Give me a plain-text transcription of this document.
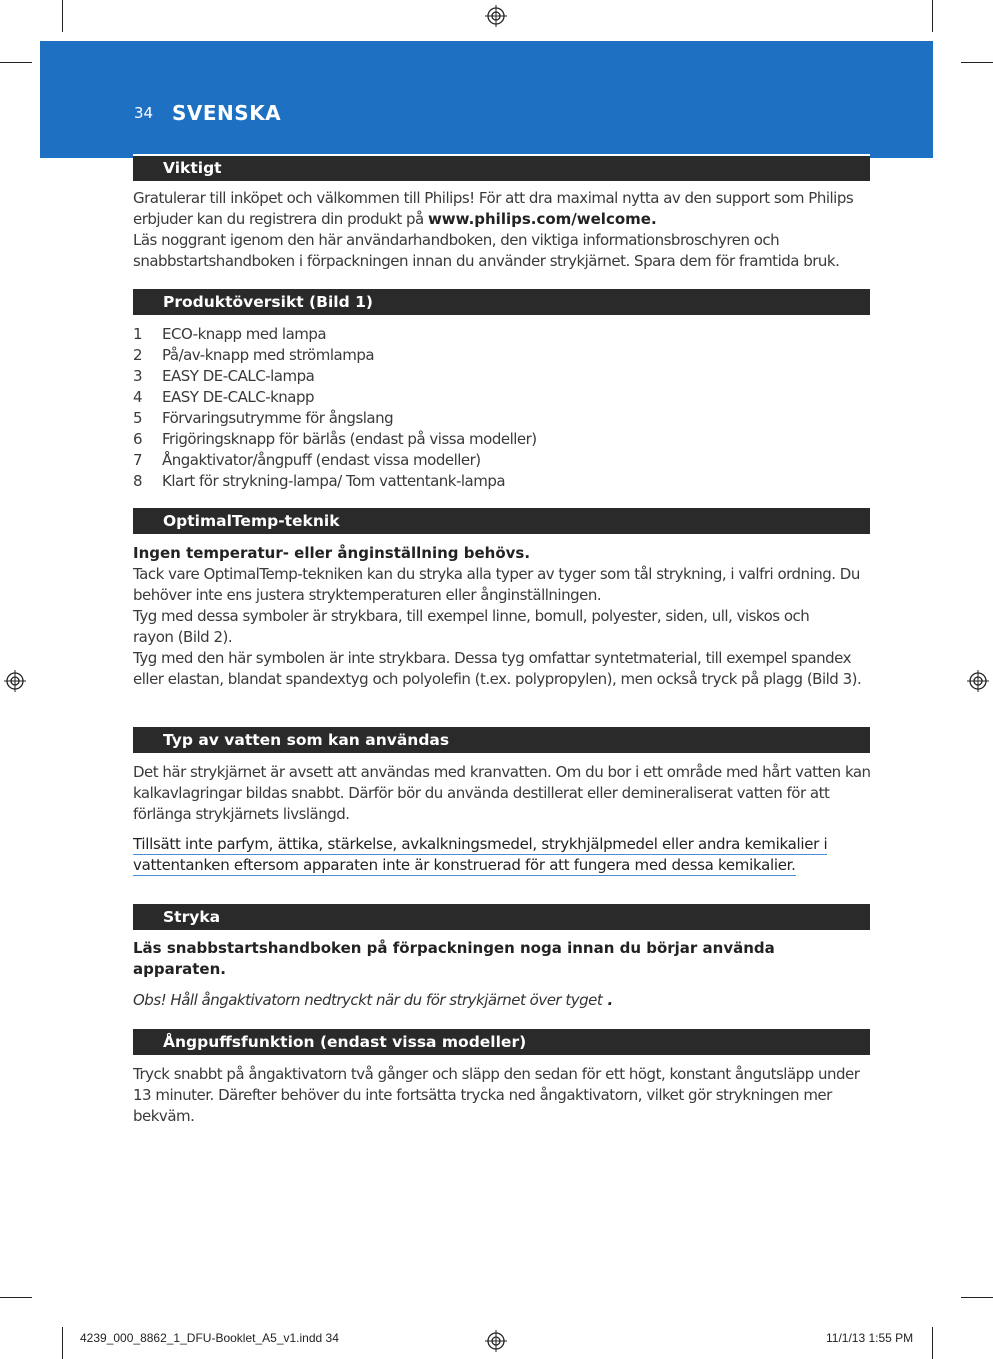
34 SVENSKA
Viktigt
Gratulerar till inköpet och välkommen till Philips! För att dra maximal nytta av den support som Philips erbjuder kan du registrera din produkt på www.philips.com/welcome.
Läs noggrant igenom den här användarhandboken, den viktiga informationsbroschyren och snabbstartshandboken i förpackningen innan du använder strykjärnet. Spara dem för framtida bruk.
Produktöversikt (Bild 1)
1	ECO-knapp med lampa
2	På/av-knapp med strömlampa
3	EASY DE-CALC-lampa
4	EASY DE-CALC-knapp
5	Förvaringsutrymme för ångslang
6	Frigöringsknapp för bärlås (endast på vissa modeller)
7	Ångaktivator/ångpuff (endast vissa modeller)
8	Klart för strykning-lampa/ Tom vattentank-lampa
OptimalTemp-teknik
Ingen temperatur- eller ånginställning behövs.
Tack vare OptimalTemp-tekniken kan du stryka alla typer av tyger som tål strykning, i valfri ordning. Du behöver inte ens justera stryktemperaturen eller ånginställningen.
Tyg med dessa symboler är strykbara, till exempel linne, bomull, polyester, siden, ull, viskos och rayon (Bild 2).
Tyg med den här symbolen är inte strykbara. Dessa tyg omfattar syntetmaterial, till exempel spandex eller elastan, blandat spandextyg och polyolefin (t.ex. polypropylen), men också tryck på plagg (Bild 3).
Typ av vatten som kan användas
Det här strykjärnet är avsett att användas med kranvatten. Om du bor i ett område med hårt vatten kan kalkavlagringar bildas snabbt. Därför bör du använda destillerat eller demineraliserat vatten för att förlänga strykjärnets livslängd.
Tillsätt inte parfym, ättika, stärkelse, avkalkningsmedel, strykhjälpmedel eller andra kemikalier i vattentanken eftersom apparaten inte är konstruerad för att fungera med dessa kemikalier.
Stryka
Läs snabbstartshandboken på förpackningen noga innan du börjar använda apparaten.
Obs! Håll ångaktivatorn nedtryckt när du för strykjärnet över tyget .
Ångpuffsfunktion (endast vissa modeller)
Tryck snabbt på ångaktivatorn två gånger och släpp den sedan för ett högt, konstant ångutsläpp under 13 minuter. Därefter behöver du inte fortsätta trycka ned ångaktivatorn, vilket gör strykningen mer bekväm.
4239_000_8862_1_DFU-Booklet_A5_v1.indd 34	11/1/13 1:55 PM
